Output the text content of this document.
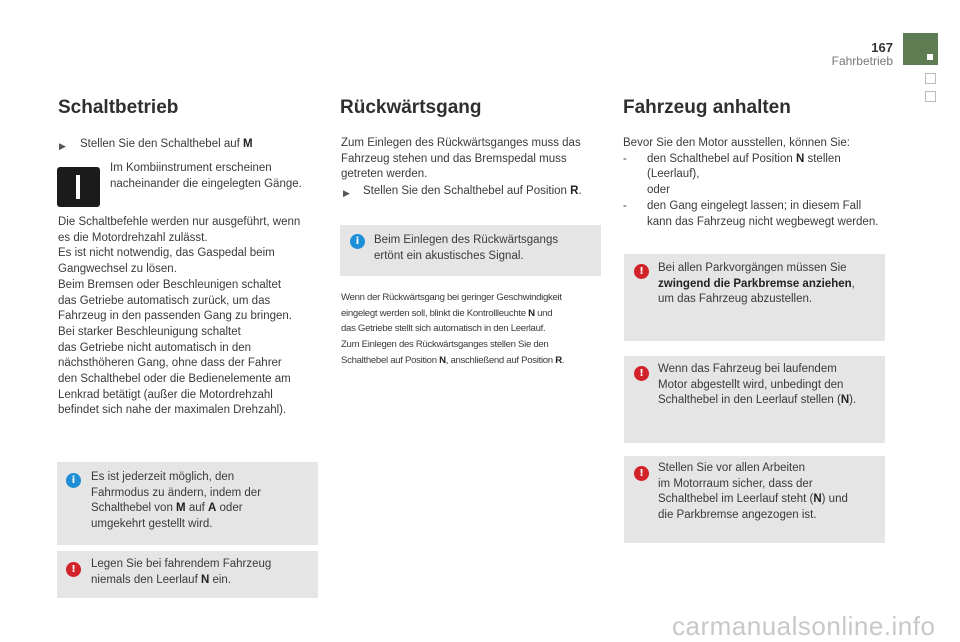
167
Fahrbetrieb
Schaltbetrieb
▶ Stellen Sie den Schalthebel auf M
Im Kombiinstrument erscheinen nacheinander die eingelegten Gänge.
Die Schaltbefehle werden nur ausgeführt, wenn
es die Motordrehzahl zulässt.
Es ist nicht notwendig, das Gaspedal beim
Gangwechsel zu lösen.
Beim Bremsen oder Beschleunigen schaltet
das Getriebe automatisch zurück, um das
Fahrzeug in den passenden Gang zu bringen.
Bei starker Beschleunigung schaltet
das Getriebe nicht automatisch in den
nächsthöheren Gang, ohne dass der Fahrer
den Schalthebel oder die Bedienelemente am
Lenkrad betätigt (außer die Motordrehzahl
befindet sich nahe der maximalen Drehzahl).
i	Es ist jederzeit möglich, den
Fahrmodus zu ändern, indem der
Schalthebel von M auf A oder
umgekehrt gestellt wird.
!	Legen Sie bei fahrendem Fahrzeug
niemals den Leerlauf N ein.
Rückwärtsgang
Zum Einlegen des Rückwärtsganges muss das
Fahrzeug stehen und das Bremspedal muss
getreten werden.
▶ Stellen Sie den Schalthebel auf Position R.
i	Beim Einlegen des Rückwärtsgangs
ertönt ein akustisches Signal.
Wenn der Rückwärtsgang bei geringer Geschwindigkeit
eingelegt werden soll, blinkt die Kontrollleuchte N und
das Getriebe stellt sich automatisch in den Leerlauf.
Zum Einlegen des Rückwärtsganges stellen Sie den
Schalthebel auf Position N, anschließend auf Position R.
Fahrzeug anhalten
Bevor Sie den Motor ausstellen, können Sie:
- den Schalthebel auf Position N stellen
(Leerlauf),
oder
- den Gang eingelegt lassen; in diesem Fall
kann das Fahrzeug nicht wegbewegt werden.
!	Bei allen Parkvorgängen müssen Sie
zwingend die Parkbremse anziehen,
um das Fahrzeug abzustellen.
!	Wenn das Fahrzeug bei laufendem
Motor abgestellt wird, unbedingt den
Schalthebel in den Leerlauf stellen (N).
!	Stellen Sie vor allen Arbeiten
im Motorraum sicher, dass der
Schalthebel im Leerlauf steht (N) und
die Parkbremse angezogen ist.
carmanualsonline.info
